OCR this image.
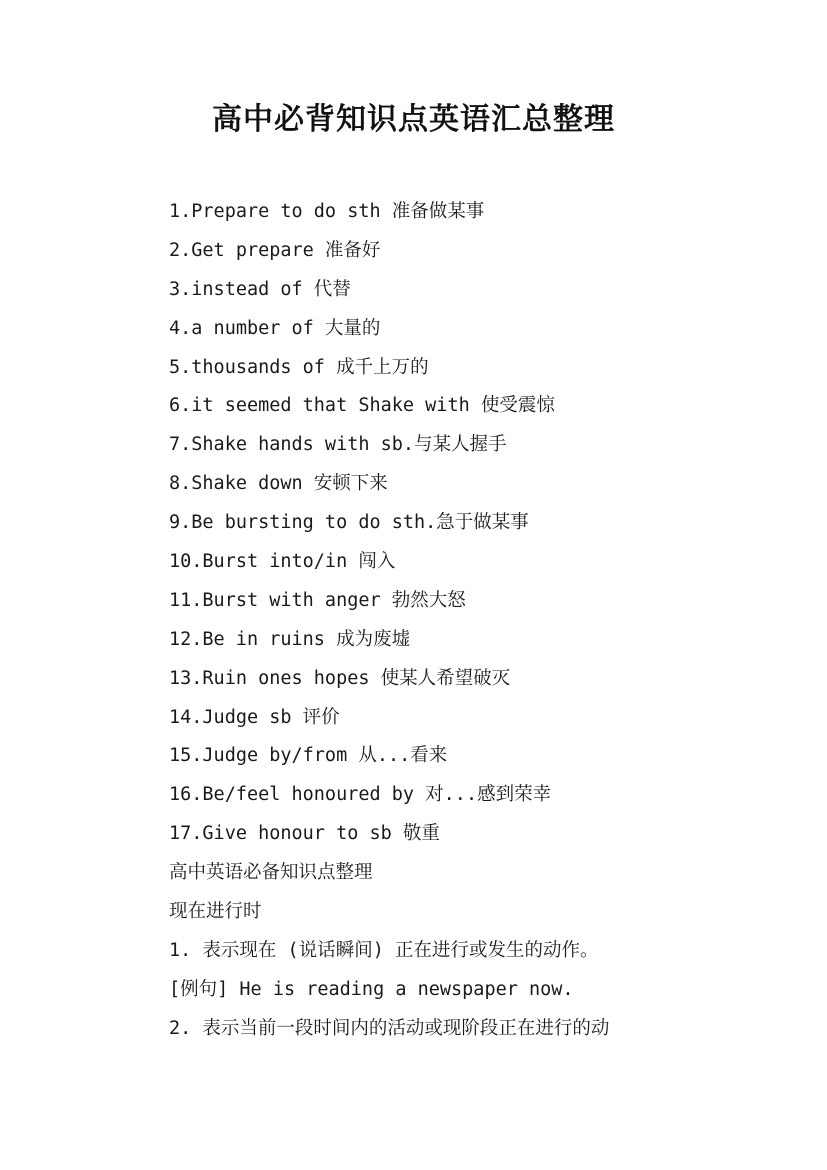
高中必背知识点英语汇总整理
1.Prepare to do sth 准备做某事
2.Get prepare 准备好
3.instead of 代替
4.a number of 大量的
5.thousands of 成千上万的
6.it seemed that Shake with 使受震惊
7.Shake hands with sb.与某人握手
8.Shake down 安顿下来
9.Be bursting to do sth.急于做某事
10.Burst into/in 闯入
11.Burst with anger 勃然大怒
12.Be in ruins 成为废墟
13.Ruin ones hopes 使某人希望破灭
14.Judge sb 评价
15.Judge by/from 从...看来
16.Be/feel honoured by 对...感到荣幸
17.Give honour to sb 敬重
高中英语必备知识点整理
现在进行时
1. 表示现在 (说话瞬间) 正在进行或发生的动作。
[例句] He is reading a newspaper now.
2. 表示当前一段时间内的活动或现阶段正在进行的动
